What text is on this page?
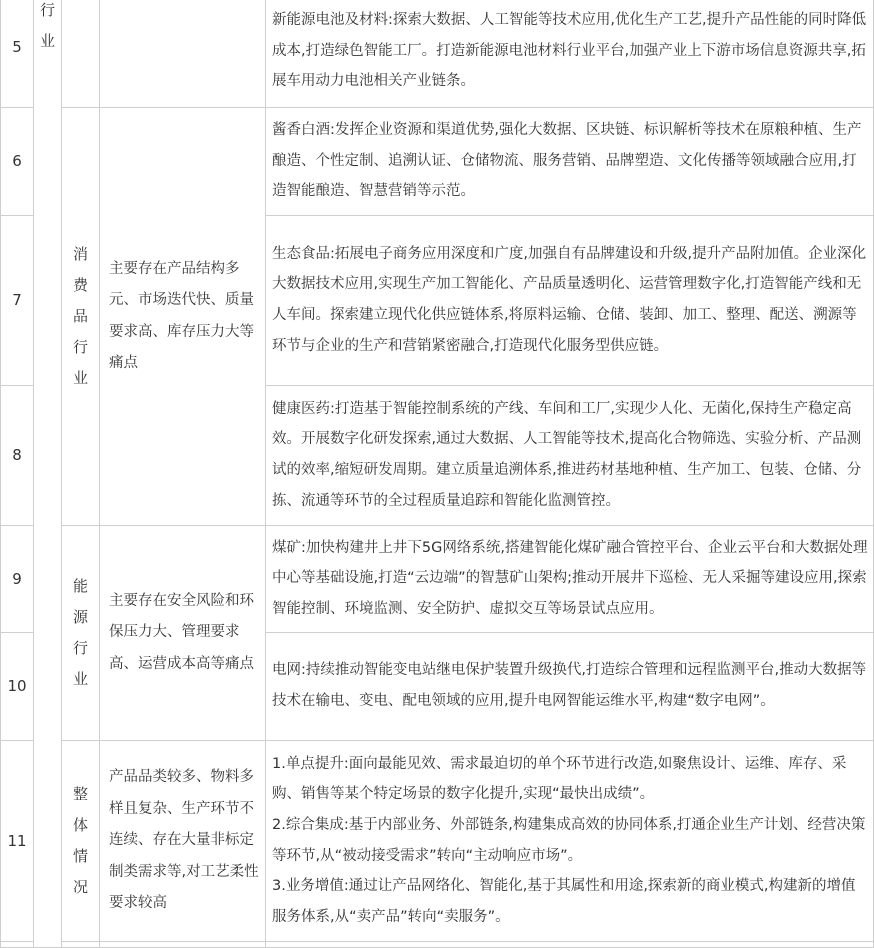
5	行业			新能源电池及材料:探索大数据、人工智能等技术应用,优化生产工艺,提升产品性能的同时降低成本,打造绿色智能工厂。打造新能源电池材料行业平台,加强产业上下游市场信息资源共享,拓展车用动力电池相关产业链条。
6		消费品行业	主要存在产品结构多元、市场迭代快、质量要求高、库存压力大等痛点	酱香白酒:发挥企业资源和渠道优势,强化大数据、区块链、标识解析等技术在原粮种植、生产酿造、个性定制、追溯认证、仓储物流、服务营销、品牌塑造、文化传播等领域融合应用,打造智能酿造、智慧营销等示范。
7				生态食品:拓展电子商务应用深度和广度,加强自有品牌建设和升级,提升产品附加值。企业深化大数据技术应用,实现生产加工智能化、产品质量透明化、运营管理数字化,打造智能产线和无人车间。探索建立现代化供应链体系,将原料运输、仓储、装卸、加工、整理、配送、溯源等环节与企业的生产和营销紧密融合,打造现代化服务型供应链。
8				健康医药:打造基于智能控制系统的产线、车间和工厂,实现少人化、无菌化,保持生产稳定高效。开展数字化研发探索,通过大数据、人工智能等技术,提高化合物筛选、实验分析、产品测试的效率,缩短研发周期。建立质量追溯体系,推进药材基地种植、生产加工、包装、仓储、分拣、流通等环节的全过程质量追踪和智能化监测管控。
9		能源行业	主要存在安全风险和环保压力大、管理要求高、运营成本高等痛点	煤矿:加快构建井上井下5G网络系统,搭建智能化煤矿融合管控平台、企业云平台和大数据处理中心等基础设施,打造“云边端”的智慧矿山架构;推动开展井下巡检、无人采掘等建设应用,探索智能控制、环境监测、安全防护、虚拟交互等场景试点应用。
10				电网:持续推动智能变电站继电保护装置升级换代,打造综合管理和远程监测平台,推动大数据等技术在输电、变电、配电领域的应用,提升电网智能运维水平,构建“数字电网”。
11		整体情况	产品品类较多、物料多样且复杂、生产环节不连续、存在大量非标定制类需求等,对工艺柔性要求较高	1.单点提升:面向最能见效、需求最迫切的单个环节进行改造,如聚焦设计、运维、库存、采购、销售等某个特定场景的数字化提升,实现“最快出成绩”。
2.综合集成:基于内部业务、外部链条,构建集成高效的协同体系,打通企业生产计划、经营决策等环节,从“被动接受需求”转向“主动响应市场”。
3.业务增值:通过让产品网络化、智能化,基于其属性和用途,探索新的商业模式,构建新的增值服务体系,从“卖产品”转向“卖服务”。
